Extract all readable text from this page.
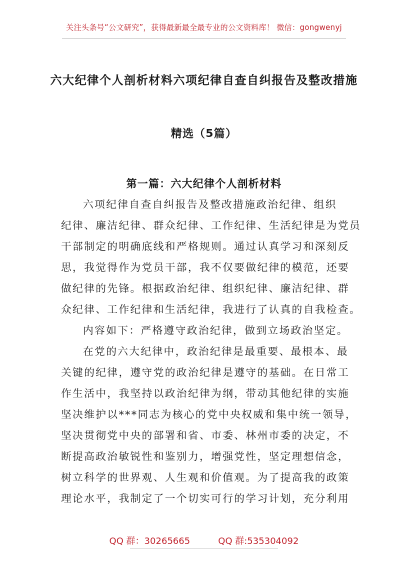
关注头条号“公文研究”，获得最新最全最专业的公文资料库！ 微信：gongwenyj
六大纪律个人剖析材料六项纪律自查自纠报告及整改措施
精选（5篇）
第一篇：六大纪律个人剖析材料
六项纪律自查自纠报告及整改措施政治纪律、组织
纪律、廉洁纪律、群众纪律、工作纪律、生活纪律是为党员
干部制定的明确底线和严格规则。通过认真学习和深刻反
思，我觉得作为党员干部，我不仅要做纪律的模范，还要
做纪律的先锋。根据政治纪律、组织纪律、廉洁纪律、群
众纪律、工作纪律和生活纪律，我进行了认真的自我检查。
内容如下：严格遵守政治纪律，做到立场政治坚定。
在党的六大纪律中，政治纪律是最重要、最根本、最
关键的纪律，遵守党的政治纪律是遵守的基础。在日常工
作生活中，我坚持以政治纪律为纲，带动其他纪律的实施
坚决维护以***同志为核心的党中央权威和集中统一领导，
坚决贯彻党中央的部署和省、市委、林州市委的决定，不
断提高政治敏锐性和鉴别力，增强党性，坚定理想信念，
树立科学的世界观、人生观和价值观。为了提高我的政策
理论水平，我制定了一个切实可行的学习计划，充分利用
QQ 群：30265665	QQ 群:535304092
